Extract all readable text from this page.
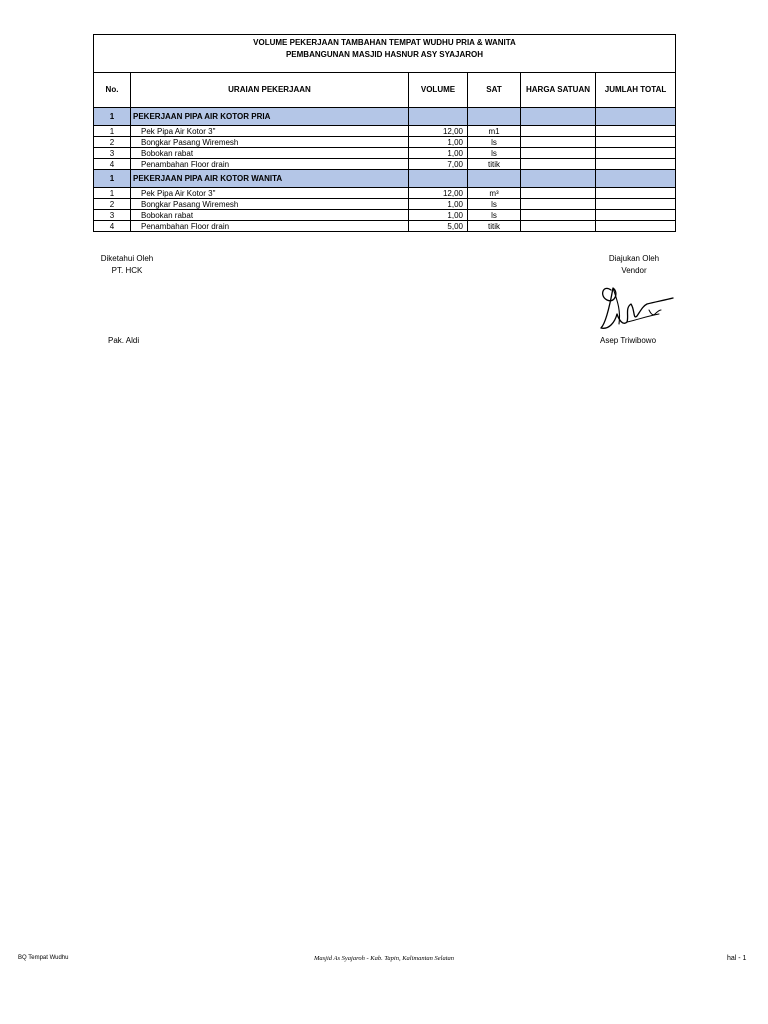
VOLUME PEKERJAAN TAMBAHAN TEMPAT WUDHU PRIA & WANITA
PEMBANGUNAN MASJID HASNUR ASY SYAJAROH					

No.	URAIAN PEKERJAAN	VOLUME	SAT	HARGA SATUAN	JUMLAH TOTAL
1	PEKERJAAN PIPA AIR KOTOR PRIA				
1	Pek Pipa Air Kotor 3"	12,00	m1		
2	Bongkar Pasang Wiremesh	1,00	ls		
3	Bobokan rabat	1,00	ls		
4	Penambahan Floor drain	7,00	titik		
1	PEKERJAAN PIPA AIR KOTOR WANITA				
1	Pek Pipa Air Kotor 3"	12,00	m³		
2	Bongkar Pasang Wiremesh	1,00	ls		
3	Bobokan rabat	1,00	ls		
4	Penambahan Floor drain	5,00	titik		
Diketahui Oleh
PT. HCK
Diajukan Oleh
Vendor
Pak. Aldi	Asep Triwibowo
BQ Tempat Wudhu	Masjid As Syajaroh - Kab. Tapin, Kalimantan Selatan	hal - 1
